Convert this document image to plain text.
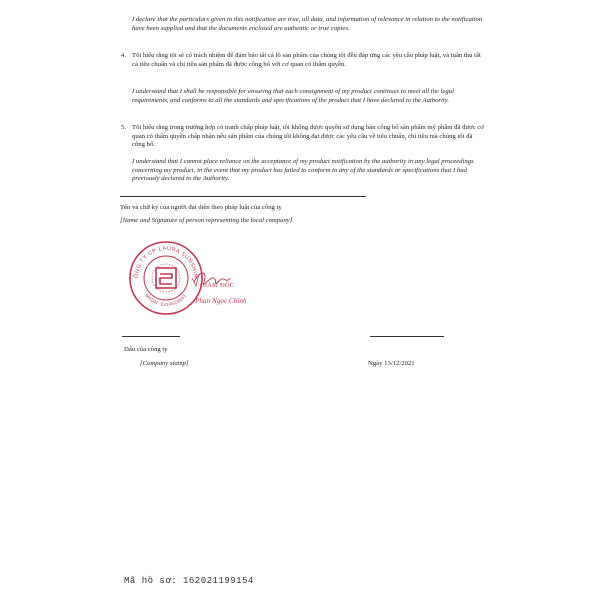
I declare that the particulars given in this notification are true, all data, and information of relevance in relation to the notification have been supplied and that the documents enclosed are authentic or true copies.

4. Tôi hiểu rằng tôi sẽ có trách nhiệm để đảm bảo tất cả lô sản phẩm của chúng tôi đều đáp ứng các yêu cầu pháp luật, và tuân thủ tất cả tiêu chuẩn và chỉ tiêu sản phẩm đã được công bố với cơ quan có thẩm quyền.

I understand that I shall be responsible for ensuring that each consignment of my product continues to meet all the legal requirements, and conforms to all the standards and specifications of the product that I have declared to the Authority.

5. Tôi hiểu rằng trong trường hợp có tranh chấp pháp luật, tôi không được quyền sử dụng bản công bố sản phẩm mỹ phẩm đã được cơ quan có thẩm quyền chấp nhận nếu sản phẩm của chúng tôi không đạt được các yêu cầu về tiêu chuẩn, chỉ tiêu mà chúng tôi đã công bố.

I understand that I cannot place reliance on the acceptance of my product notification by the authority in any legal proceedings concerning my product, in the event that my product has failed to conform to any of the standards or specifications that I had previously declared to the Authority.

Tên và chữ ký của người đại diện theo pháp luật của công ty

[Name and Signature of person representing the local company]

ÔNG TY CP LAURA SUNSHIN
MSDN: 0314529661
GIÁM ĐỐC
Phan Ngọc Chính

Dấu của công ty

[Company stamp]	Ngày 13/12/2021

Mã hồ sơ: 162021199154
